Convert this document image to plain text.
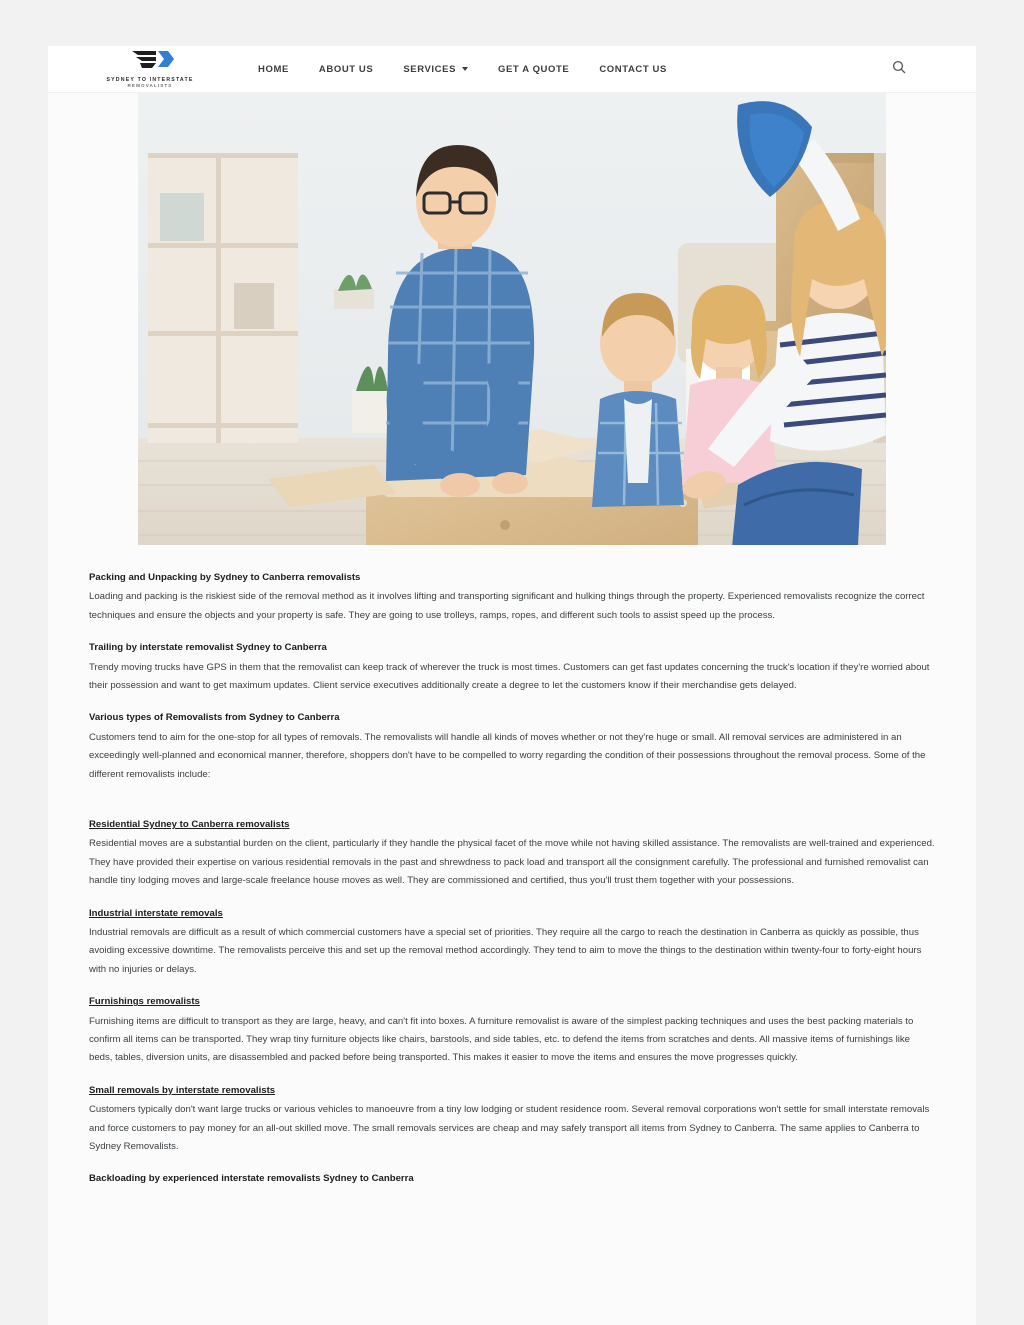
SYDNEY TO INTERSTATE
REMOVALISTS
HOME	ABOUT US	SERVICES	GET A QUOTE	CONTACT US
Packing and Unpacking by Sydney to Canberra removalists

Loading and packing is the riskiest side of the removal method as it involves lifting and transporting significant and hulking things through the property. Experienced removalists recognize the correct techniques and ensure the objects and your property is safe. They are going to use trolleys, ramps, ropes, and different such tools to assist speed up the process.

Trailing by interstate removalist Sydney to Canberra

Trendy moving trucks have GPS in them that the removalist can keep track of wherever the truck is most times. Customers can get fast updates concerning the truck's location if they're worried about their possession and want to get maximum updates. Client service executives additionally create a degree to let the customers know if their merchandise gets delayed.

Various types of Removalists from Sydney to Canberra

Customers tend to aim for the one-stop for all types of removals. The removalists will handle all kinds of moves whether or not they're huge or small. All removal services are administered in an exceedingly well-planned and economical manner, therefore, shoppers don't have to be compelled to worry regarding the condition of their possessions throughout the removal process. Some of the different removalists include:

Residential Sydney to Canberra removalists

Residential moves are a substantial burden on the client, particularly if they handle the physical facet of the move while not having skilled assistance. The removalists are well-trained and experienced. They have provided their expertise on various residential removals in the past and shrewdness to pack load and transport all the consignment carefully. The professional and furnished removalist can handle tiny lodging moves and large-scale freelance house moves as well. They are commissioned and certified, thus you'll trust them together with your possessions.

Industrial interstate removals

Industrial removals are difficult as a result of which commercial customers have a special set of priorities. They require all the cargo to reach the destination in Canberra as quickly as possible, thus avoiding excessive downtime. The removalists perceive this and set up the removal method accordingly. They tend to aim to move the things to the destination within twenty-four to forty-eight hours with no injuries or delays.

Furnishings removalists

Furnishing items are difficult to transport as they are large, heavy, and can't fit into boxes. A furniture removalist is aware of the simplest packing techniques and uses the best packing materials to confirm all items can be transported. They wrap tiny furniture objects like chairs, barstools, and side tables, etc. to defend the items from scratches and dents. All massive items of furnishings like beds, tables, diversion units, are disassembled and packed before being transported. This makes it easier to move the items and ensures the move progresses quickly.

Small removals by interstate removalists

Customers typically don't want large trucks or various vehicles to manoeuvre from a tiny low lodging or student residence room. Several removal corporations won't settle for small interstate removals and force customers to pay money for an all-out skilled move. The small removals services are cheap and may safely transport all items from Sydney to Canberra. The same applies to Canberra to Sydney Removalists.

Backloading by experienced interstate removalists Sydney to Canberra
